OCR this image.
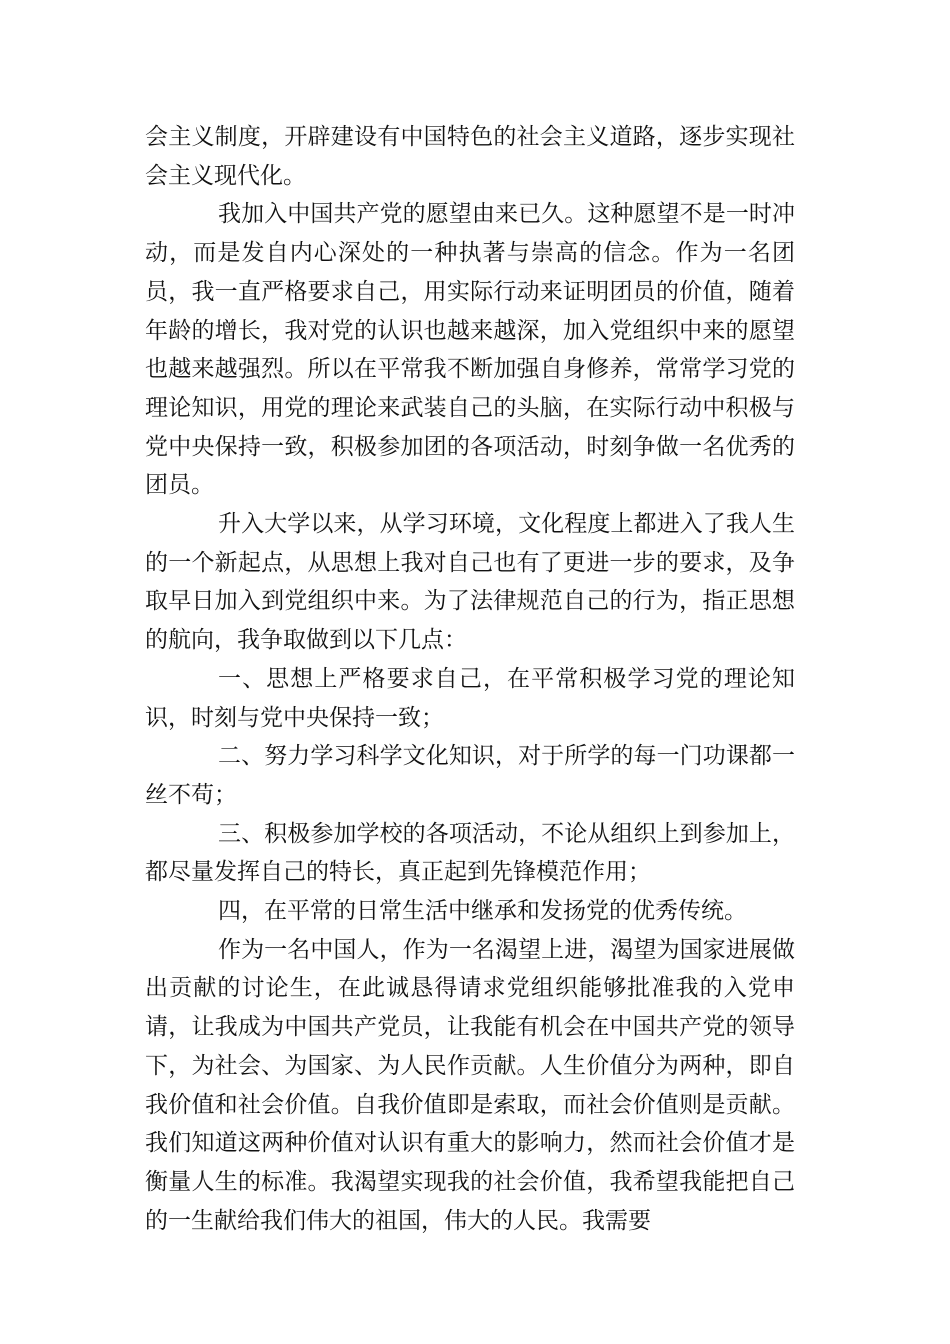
会主义制度，开辟建设有中国特色的社会主义道路，逐步实现社会主义现代化。

我加入中国共产党的愿望由来已久。这种愿望不是一时冲动，而是发自内心深处的一种执著与崇高的信念。作为一名团员，我一直严格要求自己，用实际行动来证明团员的价值，随着年龄的增长，我对党的认识也越来越深，加入党组织中来的愿望也越来越强烈。所以在平常我不断加强自身修养，常常学习党的理论知识，用党的理论来武装自己的头脑，在实际行动中积极与党中央保持一致，积极参加团的各项活动，时刻争做一名优秀的团员。

升入大学以来，从学习环境，文化程度上都进入了我人生的一个新起点，从思想上我对自己也有了更进一步的要求，及争取早日加入到党组织中来。为了法律规范自己的行为，指正思想的航向，我争取做到以下几点：

一、思想上严格要求自己，在平常积极学习党的理论知识，时刻与党中央保持一致；

二、努力学习科学文化知识，对于所学的每一门功课都一丝不苟；

三、积极参加学校的各项活动，不论从组织上到参加上，都尽量发挥自己的特长，真正起到先锋模范作用；

四，在平常的日常生活中继承和发扬党的优秀传统。

作为一名中国人，作为一名渴望上进，渴望为国家进展做出贡献的讨论生，在此诚恳得请求党组织能够批准我的入党申请，让我成为中国共产党员，让我能有机会在中国共产党的领导下，为社会、为国家、为人民作贡献。人生价值分为两种，即自我价值和社会价值。自我价值即是索取，而社会价值则是贡献。我们知道这两种价值对认识有重大的影响力，然而社会价值才是衡量人生的标准。我渴望实现我的社会价值，我希望我能把自己的一生献给我们伟大的祖国，伟大的人民。我需要
